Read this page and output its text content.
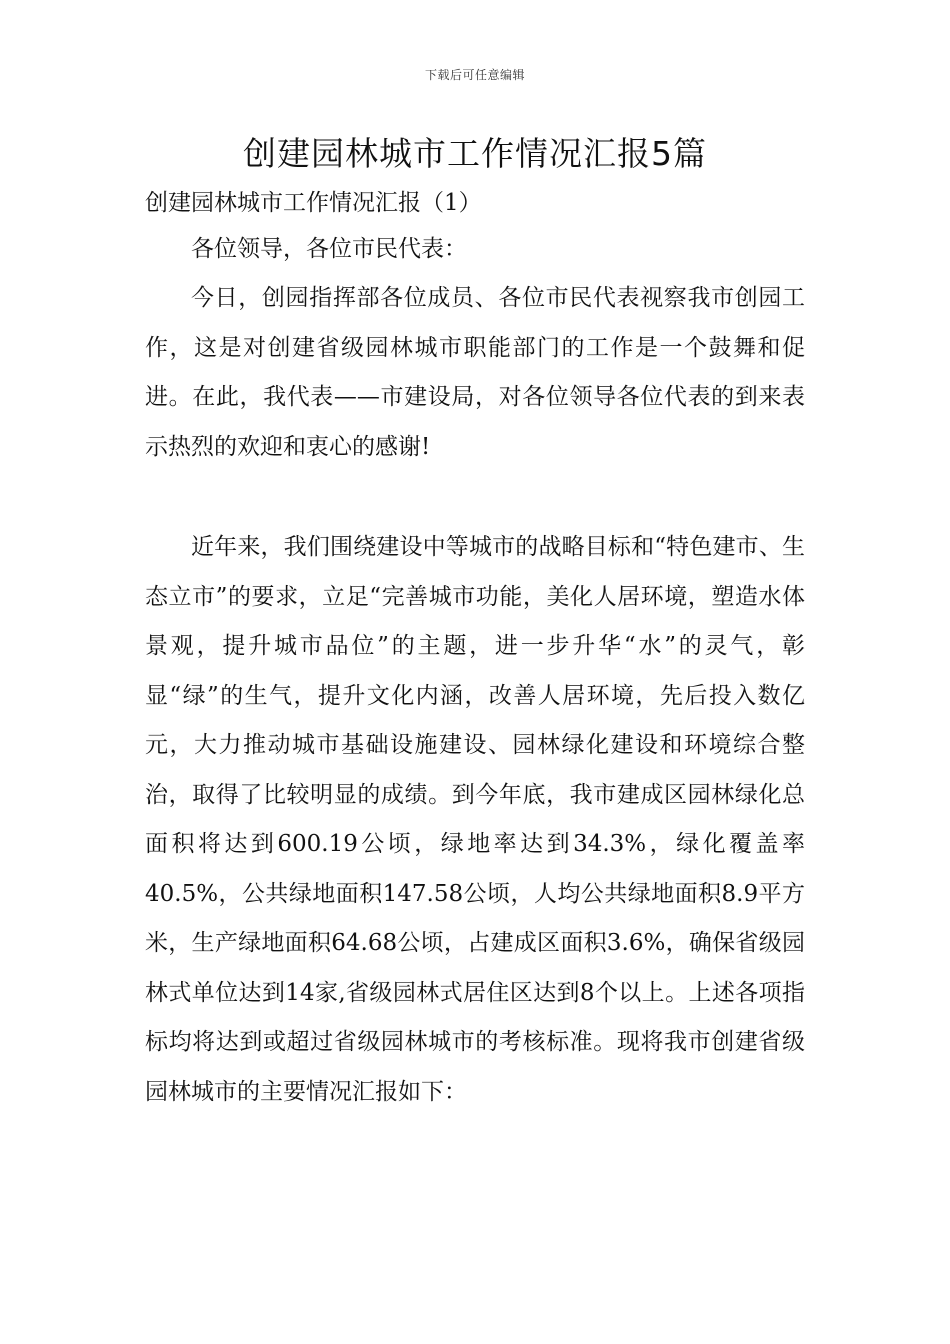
下载后可任意编辑
创建园林城市工作情况汇报5篇

创建园林城市工作情况汇报（1）

各位领导，各位市民代表：

今日，创园指挥部各位成员、各位市民代表视察我市创园工作，这是对创建省级园林城市职能部门的工作是一个鼓舞和促进。在此，我代表——市建设局，对各位领导各位代表的到来表示热烈的欢迎和衷心的感谢!

近年来，我们围绕建设中等城市的战略目标和“特色建市、生态立市”的要求，立足“完善城市功能，美化人居环境，塑造水体景观，提升城市品位”的主题，进一步升华“水”的灵气，彰显“绿”的生气，提升文化内涵，改善人居环境，先后投入数亿元，大力推动城市基础设施建设、园林绿化建设和环境综合整治，取得了比较明显的成绩。到今年底，我市建成区园林绿化总面积将达到600.19公顷，绿地率达到34.3%，绿化覆盖率40.5%，公共绿地面积147.58公顷，人均公共绿地面积8.9平方米，生产绿地面积64.68公顷，占建成区面积3.6%，确保省级园林式单位达到14家,省级园林式居住区达到8个以上。上述各项指标均将达到或超过省级园林城市的考核标准。现将我市创建省级园林城市的主要情况汇报如下：
